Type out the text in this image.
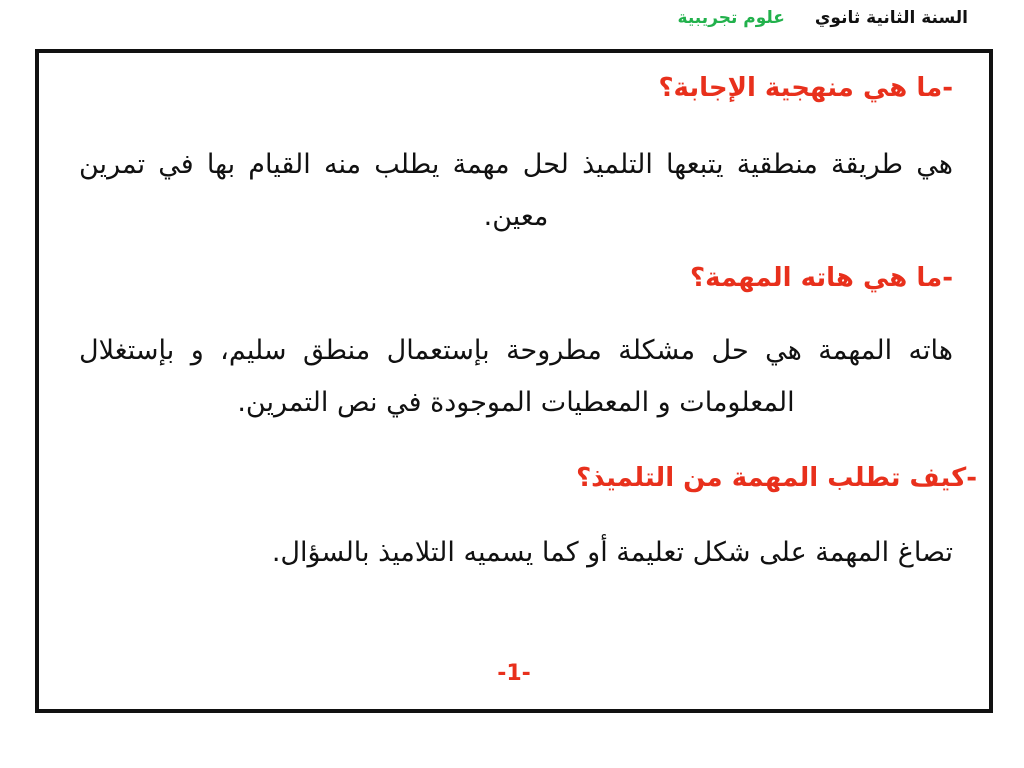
السنة الثانية ثانوي علوم تجريبية
-ما هي منهجية الإجابة؟
هي طريقة منطقية يتبعها التلميذ لحل مهمة يطلب منه القيام بها في تمرين معين.
-ما هي هاته المهمة؟
هاته المهمة هي حل مشكلة مطروحة بإستعمال منطق سليم، و بإستغلال المعلومات و المعطيات الموجودة في نص التمرين.
-كيف تطلب المهمة من التلميذ؟
تصاغ المهمة على شكل تعليمة أو كما يسميه التلاميذ بالسؤال.
-1-
